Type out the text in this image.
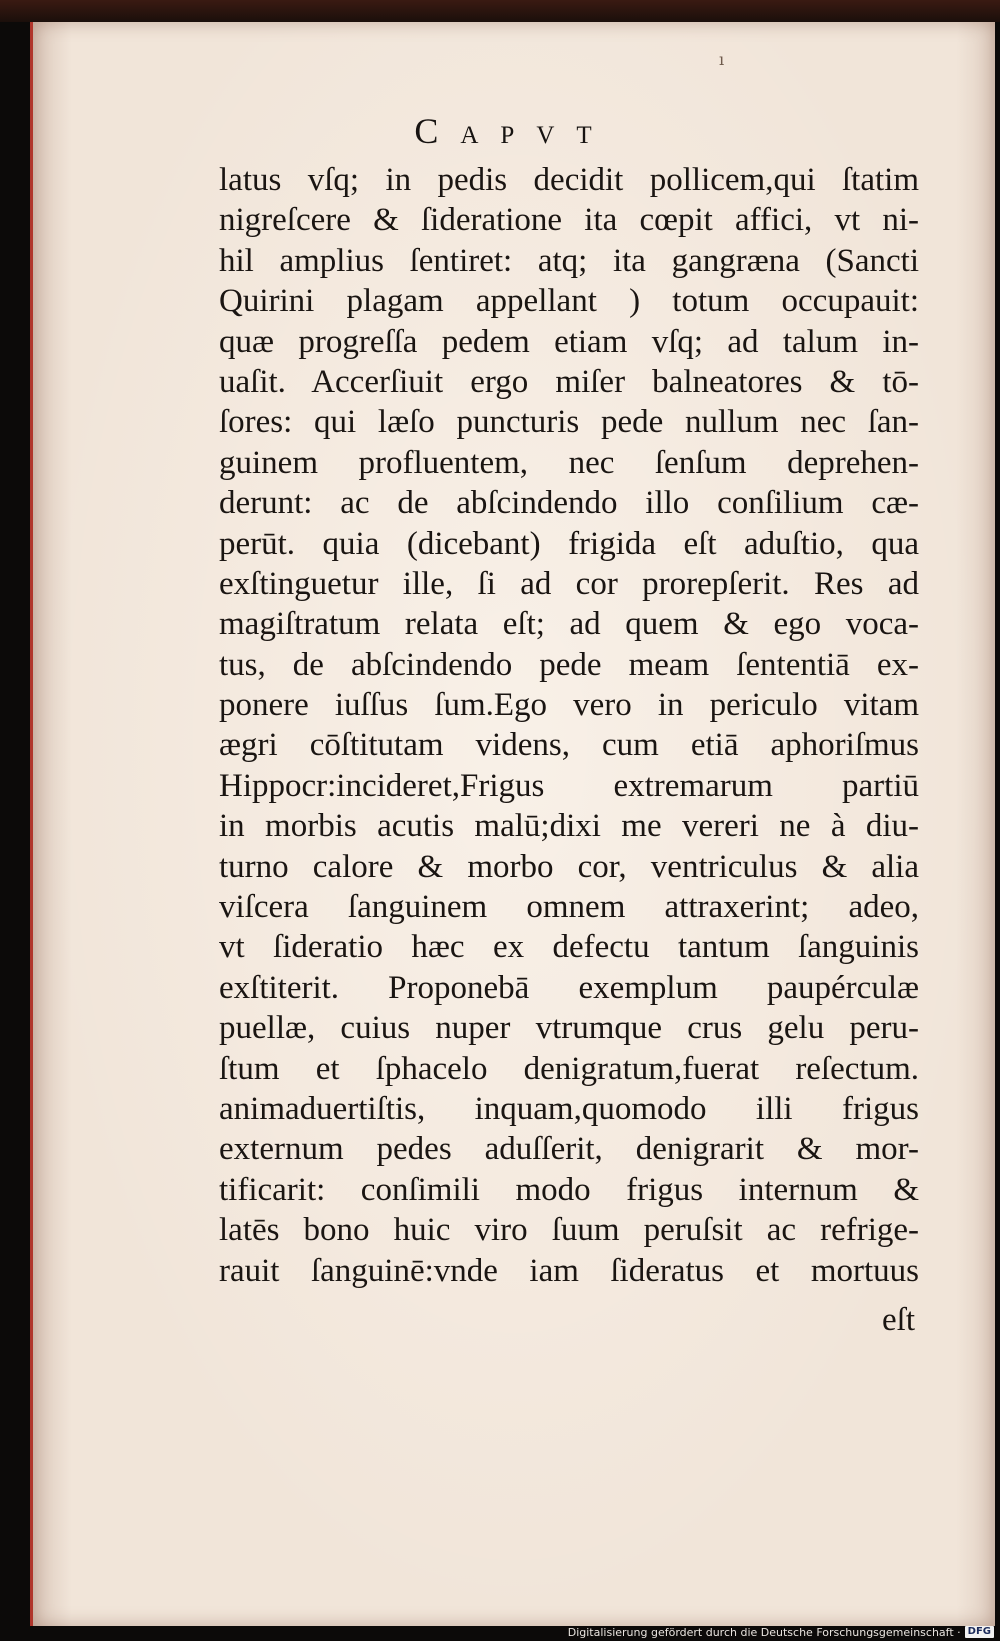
ı
Capvt
latus vſq; in pedis decidit pollicem,qui ſtatim
nigreſcere & ſideratione ita cœpit affici, vt ni-
hil amplius ſentiret: atq; ita gangræna (Sancti
Quirini plagam appellant ) totum occupauit:
quæ progreſſa pedem etiam vſq; ad talum in-
uaſit. Accerſiuit ergo miſer balneatores & tō-
ſores: qui læſo puncturis pede nullum nec ſan-
guinem profluentem, nec ſenſum deprehen-
derunt: ac de abſcindendo illo conſilium cæ-
perūt. quia (dicebant) frigida eſt aduſtio, qua
exſtinguetur ille, ſi ad cor prorepſerit. Res ad
magiſtratum relata eſt; ad quem & ego voca-
tus, de abſcindendo pede meam ſententiā ex-
ponere iuſſus ſum.Ego vero in periculo vitam
ægri cōſtitutam videns, cum etiā aphoriſmus
Hippocr:incideret,Frigus extremarum partiū
in morbis acutis malū;dixi me vereri ne à diu-
turno calore & morbo cor, ventriculus & alia
viſcera ſanguinem omnem attraxerint; adeo,
vt ſideratio hæc ex defectu tantum ſanguinis
exſtiterit. Proponebā exemplum paupérculæ
puellæ, cuius nuper vtrumque crus gelu peru-
ſtum et ſphacelo denigratum,fuerat reſectum.
animaduertiſtis, inquam,quomodo illi frigus
externum pedes aduſſerit, denigrarit & mor-
tificarit: conſimili modo frigus internum &
latēs bono huic viro ſuum peruſsit ac refrige-
rauit ſanguinē:vnde iam ſideratus et mortuus
eſt
Digitalisierung gefördert durch die Deutsche Forschungsgemeinschaft · DFG
